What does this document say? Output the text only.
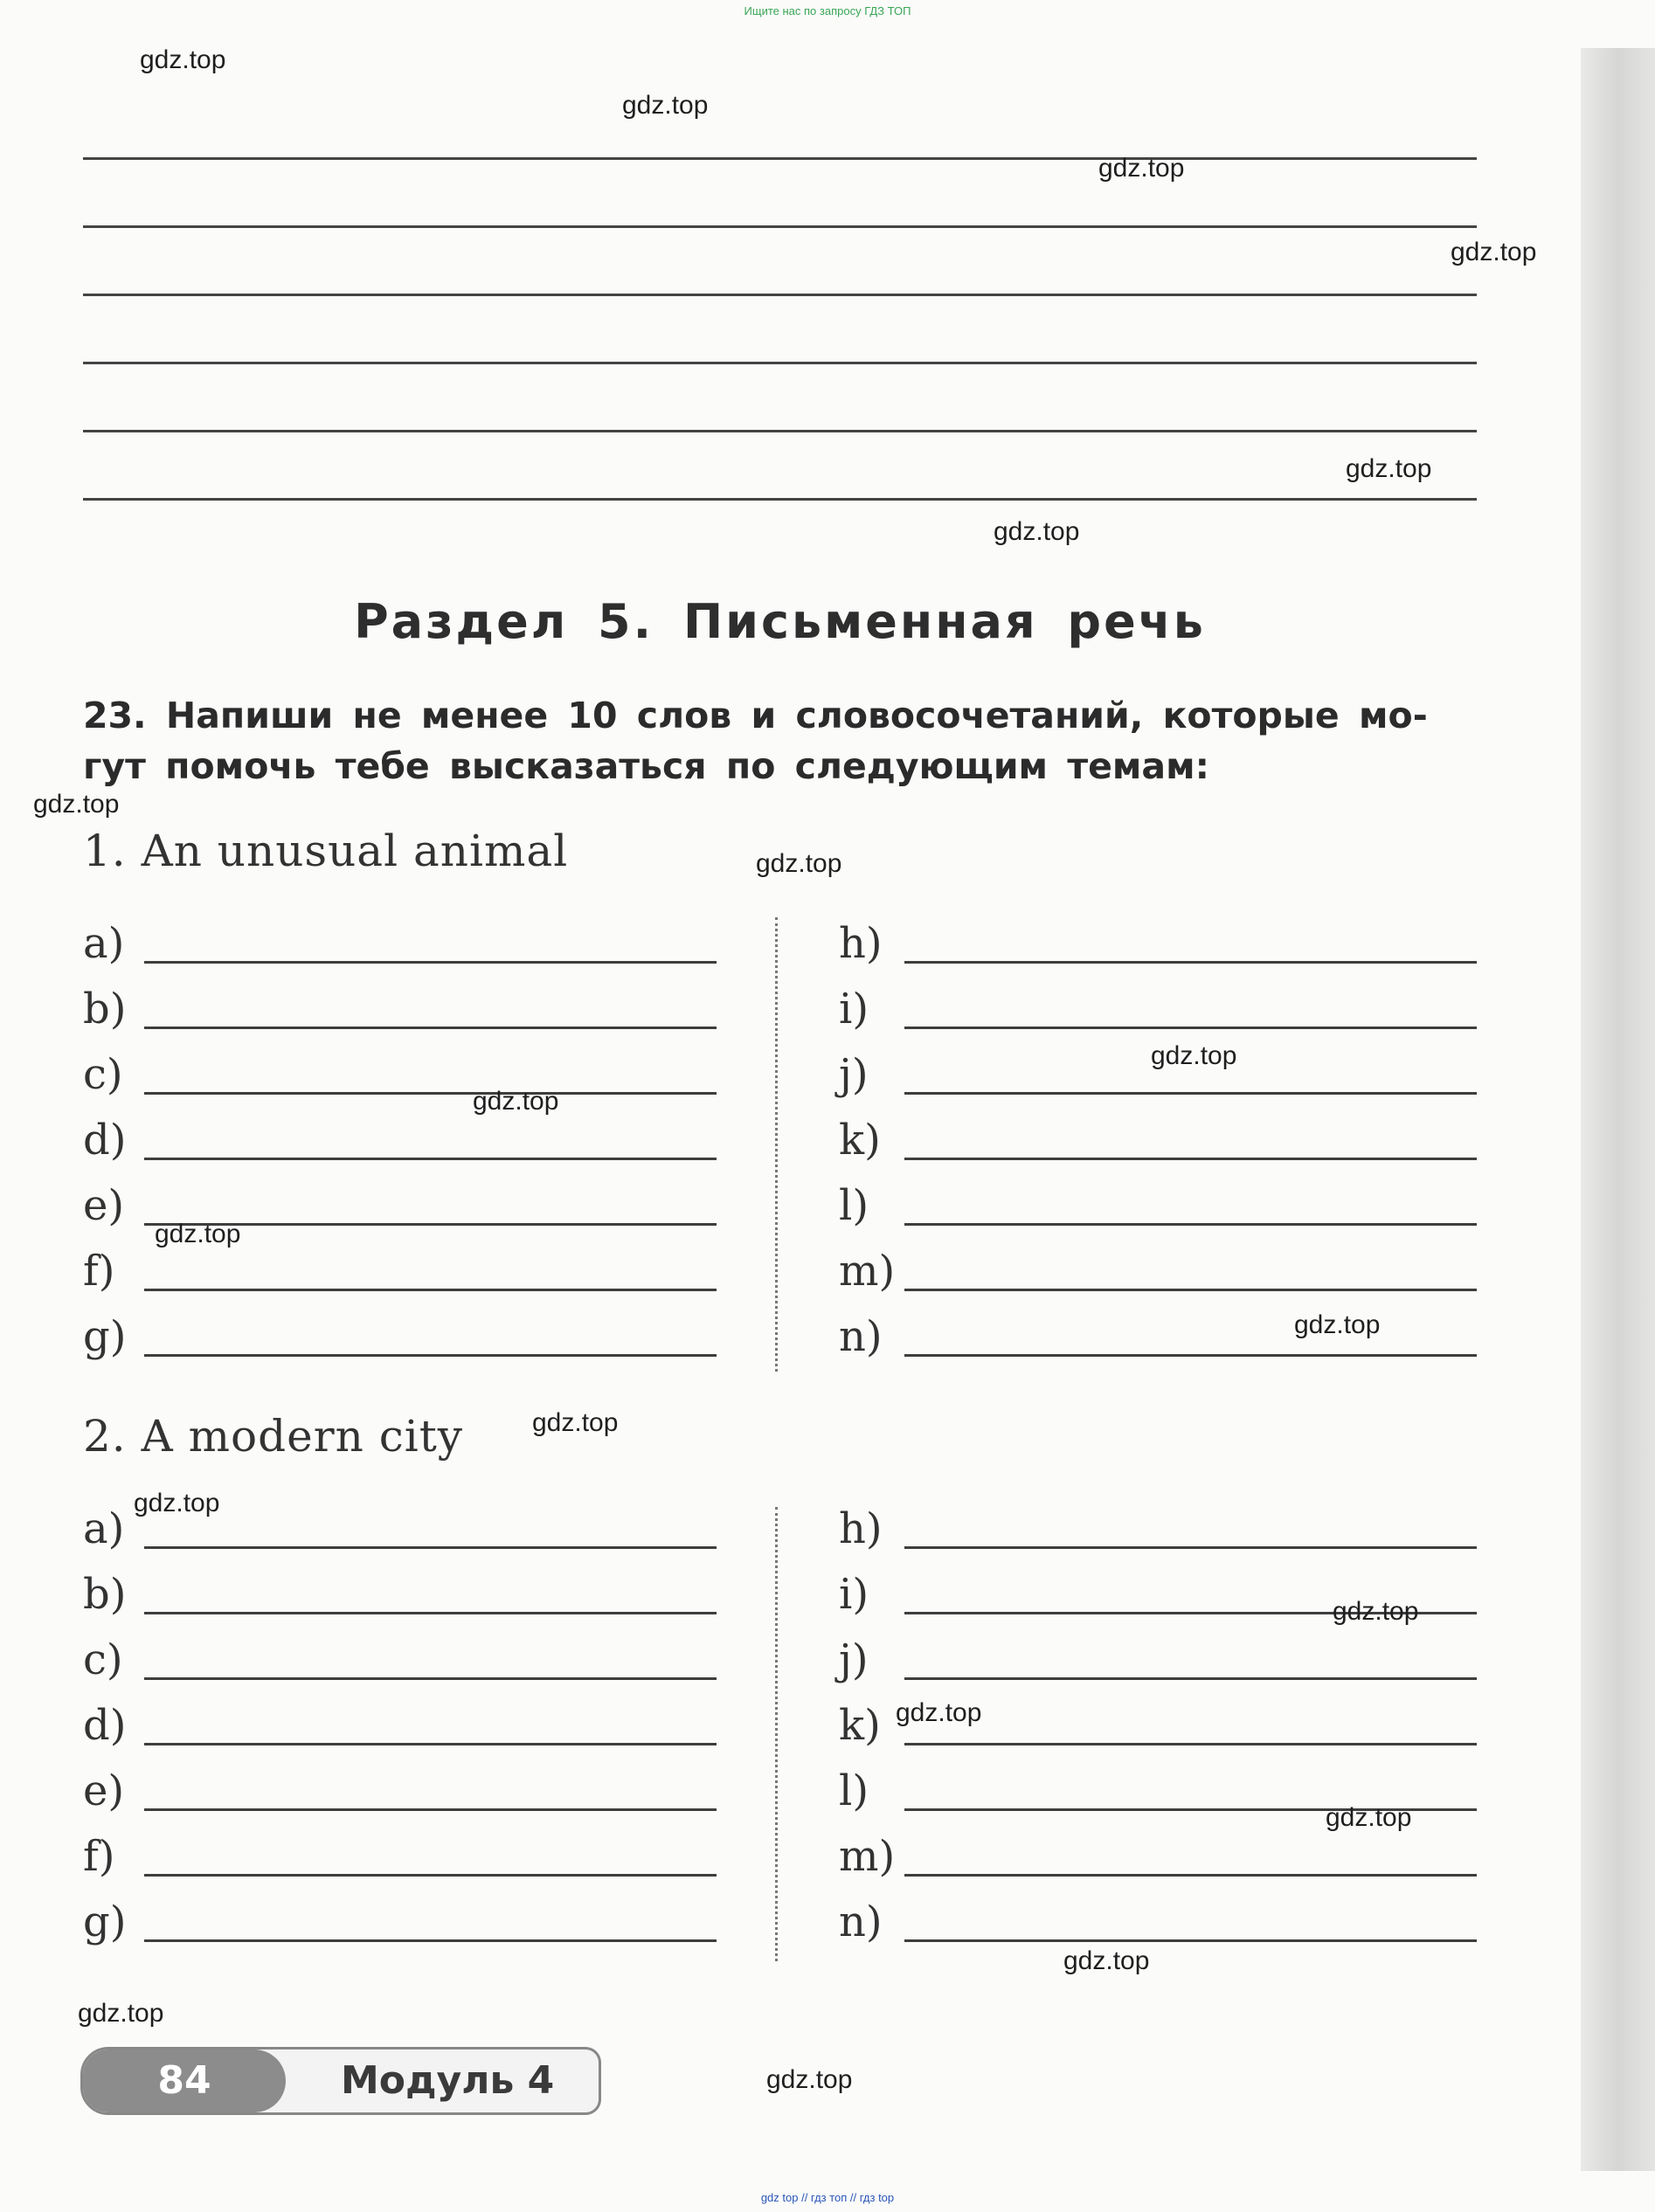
Ищите нас по запросу ГДЗ ТОП
Раздел 5. Письменная речь
23. Напиши не менее 10 слов и словосочетаний, которые мо-
гут помочь тебе высказаться по следующим темам:
1. An unusual animal
a)
b)
c)
d)
e)
f)
g)
h)
i)
j)
k)
l)
m)
n)
2. A modern city
a)
b)
c)
d)
e)
f)
g)
h)
i)
j)
k)
l)
m)
n)
84	Модуль 4
gdz.top
gdz.top
gdz.top
gdz.top
gdz.top
gdz.top
gdz.top
gdz.top
gdz.top
gdz.top
gdz.top
gdz.top
gdz.top
gdz.top
gdz.top
gdz.top
gdz.top
gdz.top
gdz.top
gdz.top
gdz top // гдз топ // гдз top
